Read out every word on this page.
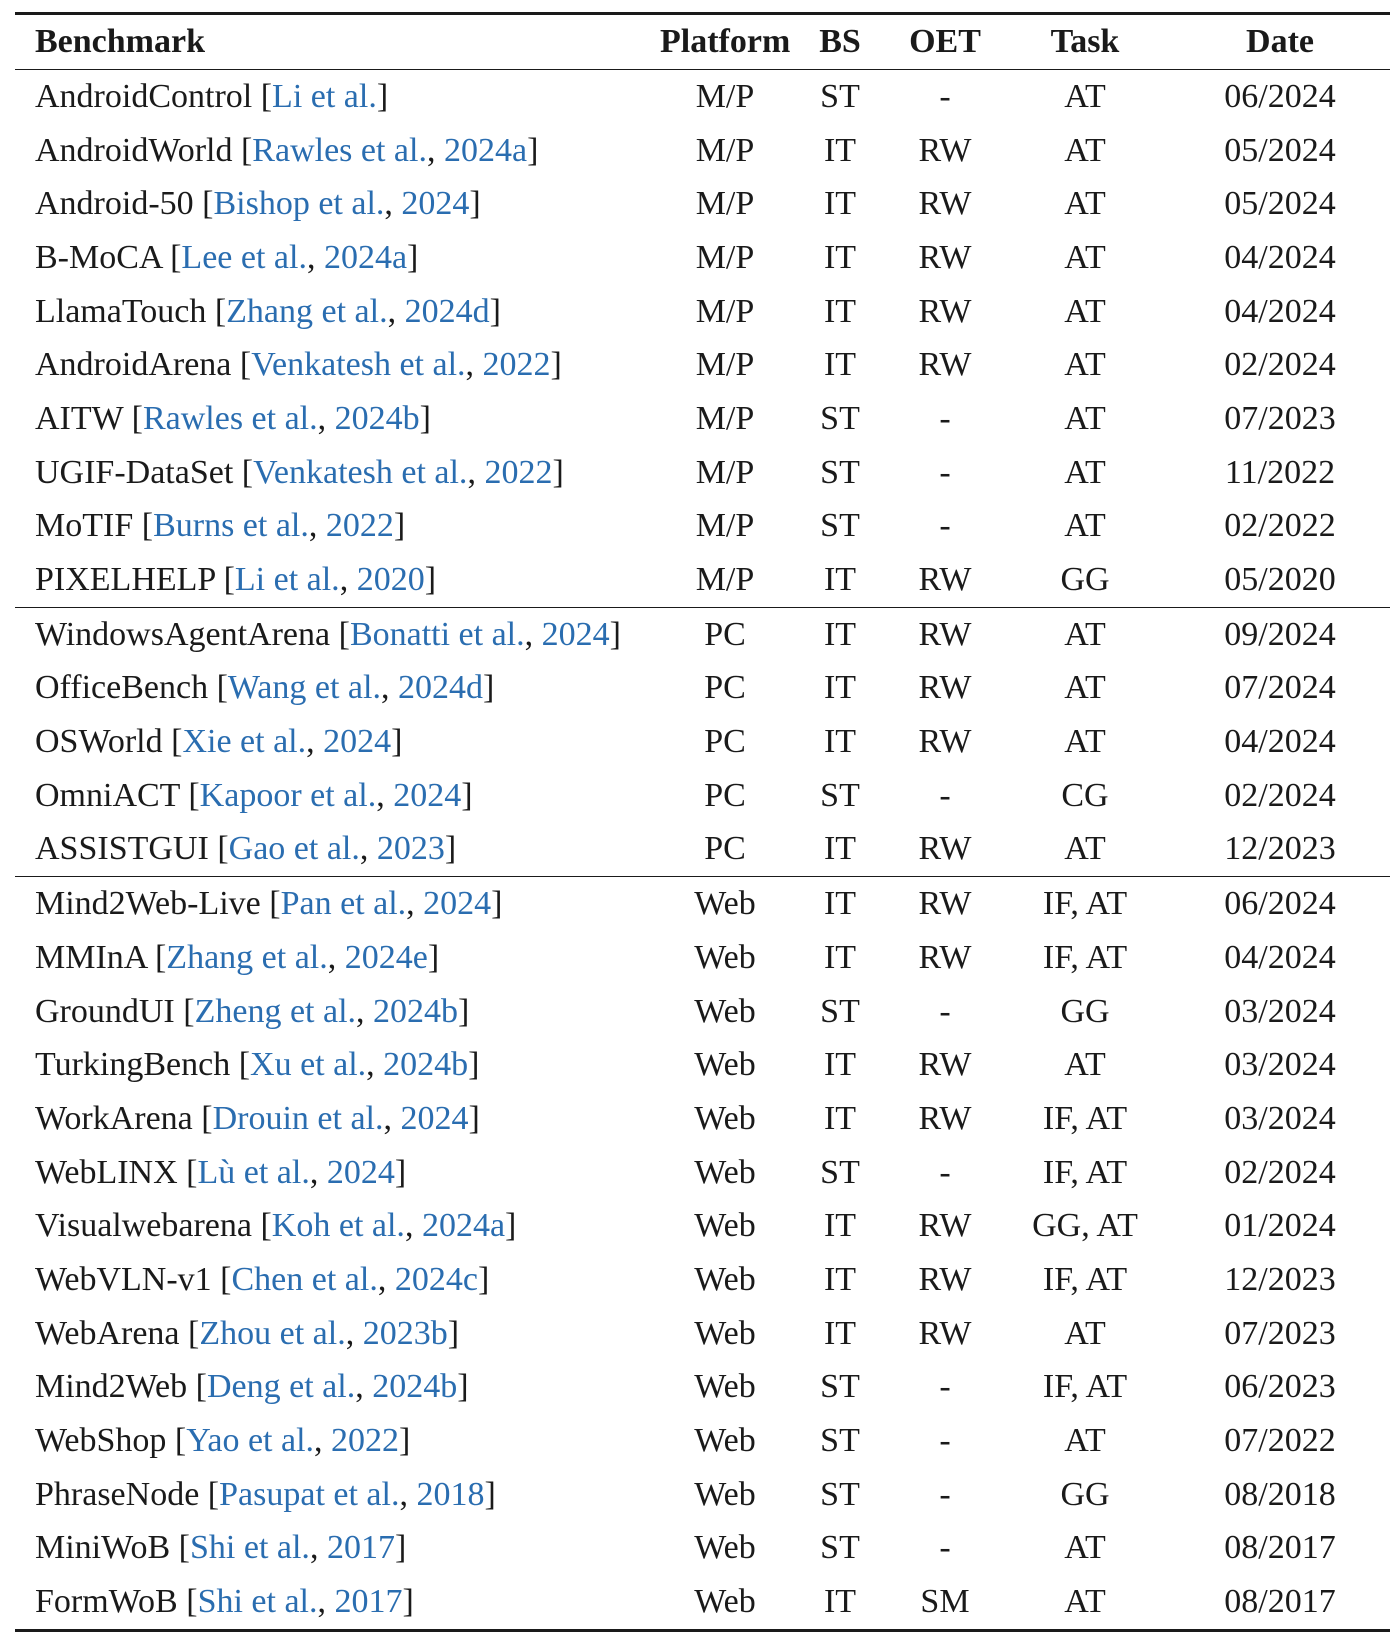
Benchmark	Platform	BS	OET	Task	Date
AndroidControl [Li et al.]	M/P	ST	-	AT	06/2024
AndroidWorld [Rawles et al., 2024a]	M/P	IT	RW	AT	05/2024
Android-50 [Bishop et al., 2024]	M/P	IT	RW	AT	05/2024
B-MoCA [Lee et al., 2024a]	M/P	IT	RW	AT	04/2024
LlamaTouch [Zhang et al., 2024d]	M/P	IT	RW	AT	04/2024
AndroidArena [Venkatesh et al., 2022]	M/P	IT	RW	AT	02/2024
AITW [Rawles et al., 2024b]	M/P	ST	-	AT	07/2023
UGIF-DataSet [Venkatesh et al., 2022]	M/P	ST	-	AT	11/2022
MoTIF [Burns et al., 2022]	M/P	ST	-	AT	02/2022
PIXELHELP [Li et al., 2020]	M/P	IT	RW	GG	05/2020
WindowsAgentArena [Bonatti et al., 2024]	PC	IT	RW	AT	09/2024
OfficeBench [Wang et al., 2024d]	PC	IT	RW	AT	07/2024
OSWorld [Xie et al., 2024]	PC	IT	RW	AT	04/2024
OmniACT [Kapoor et al., 2024]	PC	ST	-	CG	02/2024
ASSISTGUI [Gao et al., 2023]	PC	IT	RW	AT	12/2023
Mind2Web-Live [Pan et al., 2024]	Web	IT	RW	IF, AT	06/2024
MMInA [Zhang et al., 2024e]	Web	IT	RW	IF, AT	04/2024
GroundUI [Zheng et al., 2024b]	Web	ST	-	GG	03/2024
TurkingBench [Xu et al., 2024b]	Web	IT	RW	AT	03/2024
WorkArena [Drouin et al., 2024]	Web	IT	RW	IF, AT	03/2024
WebLINX [Lù et al., 2024]	Web	ST	-	IF, AT	02/2024
Visualwebarena [Koh et al., 2024a]	Web	IT	RW	GG, AT	01/2024
WebVLN-v1 [Chen et al., 2024c]	Web	IT	RW	IF, AT	12/2023
WebArena [Zhou et al., 2023b]	Web	IT	RW	AT	07/2023
Mind2Web [Deng et al., 2024b]	Web	ST	-	IF, AT	06/2023
WebShop [Yao et al., 2022]	Web	ST	-	AT	07/2022
PhraseNode [Pasupat et al., 2018]	Web	ST	-	GG	08/2018
MiniWoB [Shi et al., 2017]	Web	ST	-	AT	08/2017
FormWoB [Shi et al., 2017]	Web	IT	SM	AT	08/2017
